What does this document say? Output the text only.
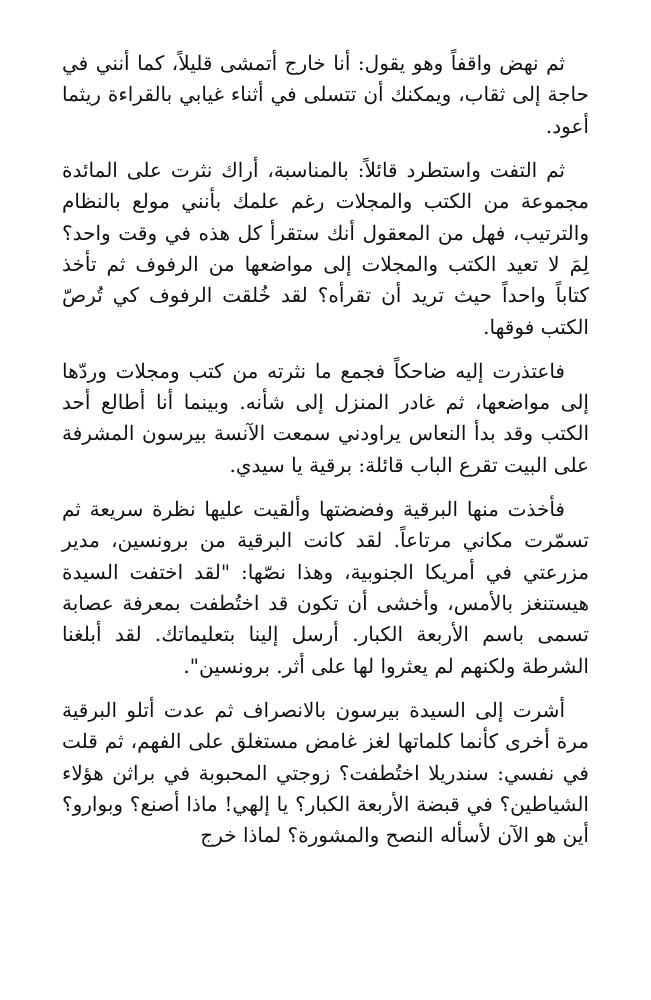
ثم نهض واقفاً وهو يقول: أنا خارج أتمشى قليلاً، كما أنني في حاجة إلى ثقاب، ويمكنك أن تتسلى في أثناء غيابي بالقراءة ريثما أعود.

ثم التفت واستطرد قائلاً: بالمناسبة، أراك نثرت على المائدة مجموعة من الكتب والمجلات رغم علمك بأنني مولع بالنظام والترتيب، فهل من المعقول أنك ستقرأ كل هذه في وقت واحد؟ لِمَ لا تعيد الكتب والمجلات إلى مواضعها من الرفوف ثم تأخذ كتاباً واحداً حيث تريد أن تقرأه؟ لقد خُلقت الرفوف كي تُرصّ الكتب فوقها.

فاعتذرت إليه ضاحكاً فجمع ما نثرته من كتب ومجلات وردّها إلى مواضعها، ثم غادر المنزل إلى شأنه. وبينما أنا أطالع أحد الكتب وقد بدأ النعاس يراودني سمعت الآنسة بيرسون المشرفة على البيت تقرع الباب قائلة: برقية يا سيدي.

فأخذت منها البرقية وفضضتها وألقيت عليها نظرة سريعة ثم تسمّرت مكاني مرتاعاً. لقد كانت البرقية من برونسين، مدير مزرعتي في أمريكا الجنوبية، وهذا نصّها: "لقد اختفت السيدة هيستنغز بالأمس، وأخشى أن تكون قد اختُطفت بمعرفة عصابة تسمى باسم الأربعة الكبار. أرسل إلينا بتعليماتك. لقد أبلغنا الشرطة ولكنهم لم يعثروا لها على أثر. برونسين".

أشرت إلى السيدة بيرسون بالانصراف ثم عدت أتلو البرقية مرة أخرى كأنما كلماتها لغز غامض مستغلق على الفهم، ثم قلت في نفسي: سندريلا اختُطفت؟ زوجتي المحبوبة في براثن هؤلاء الشياطين؟ في قبضة الأربعة الكبار؟ يا إلهي! ماذا أصنع؟ وبوارو؟ أين هو الآن لأسأله النصح والمشورة؟ لماذا خرج
